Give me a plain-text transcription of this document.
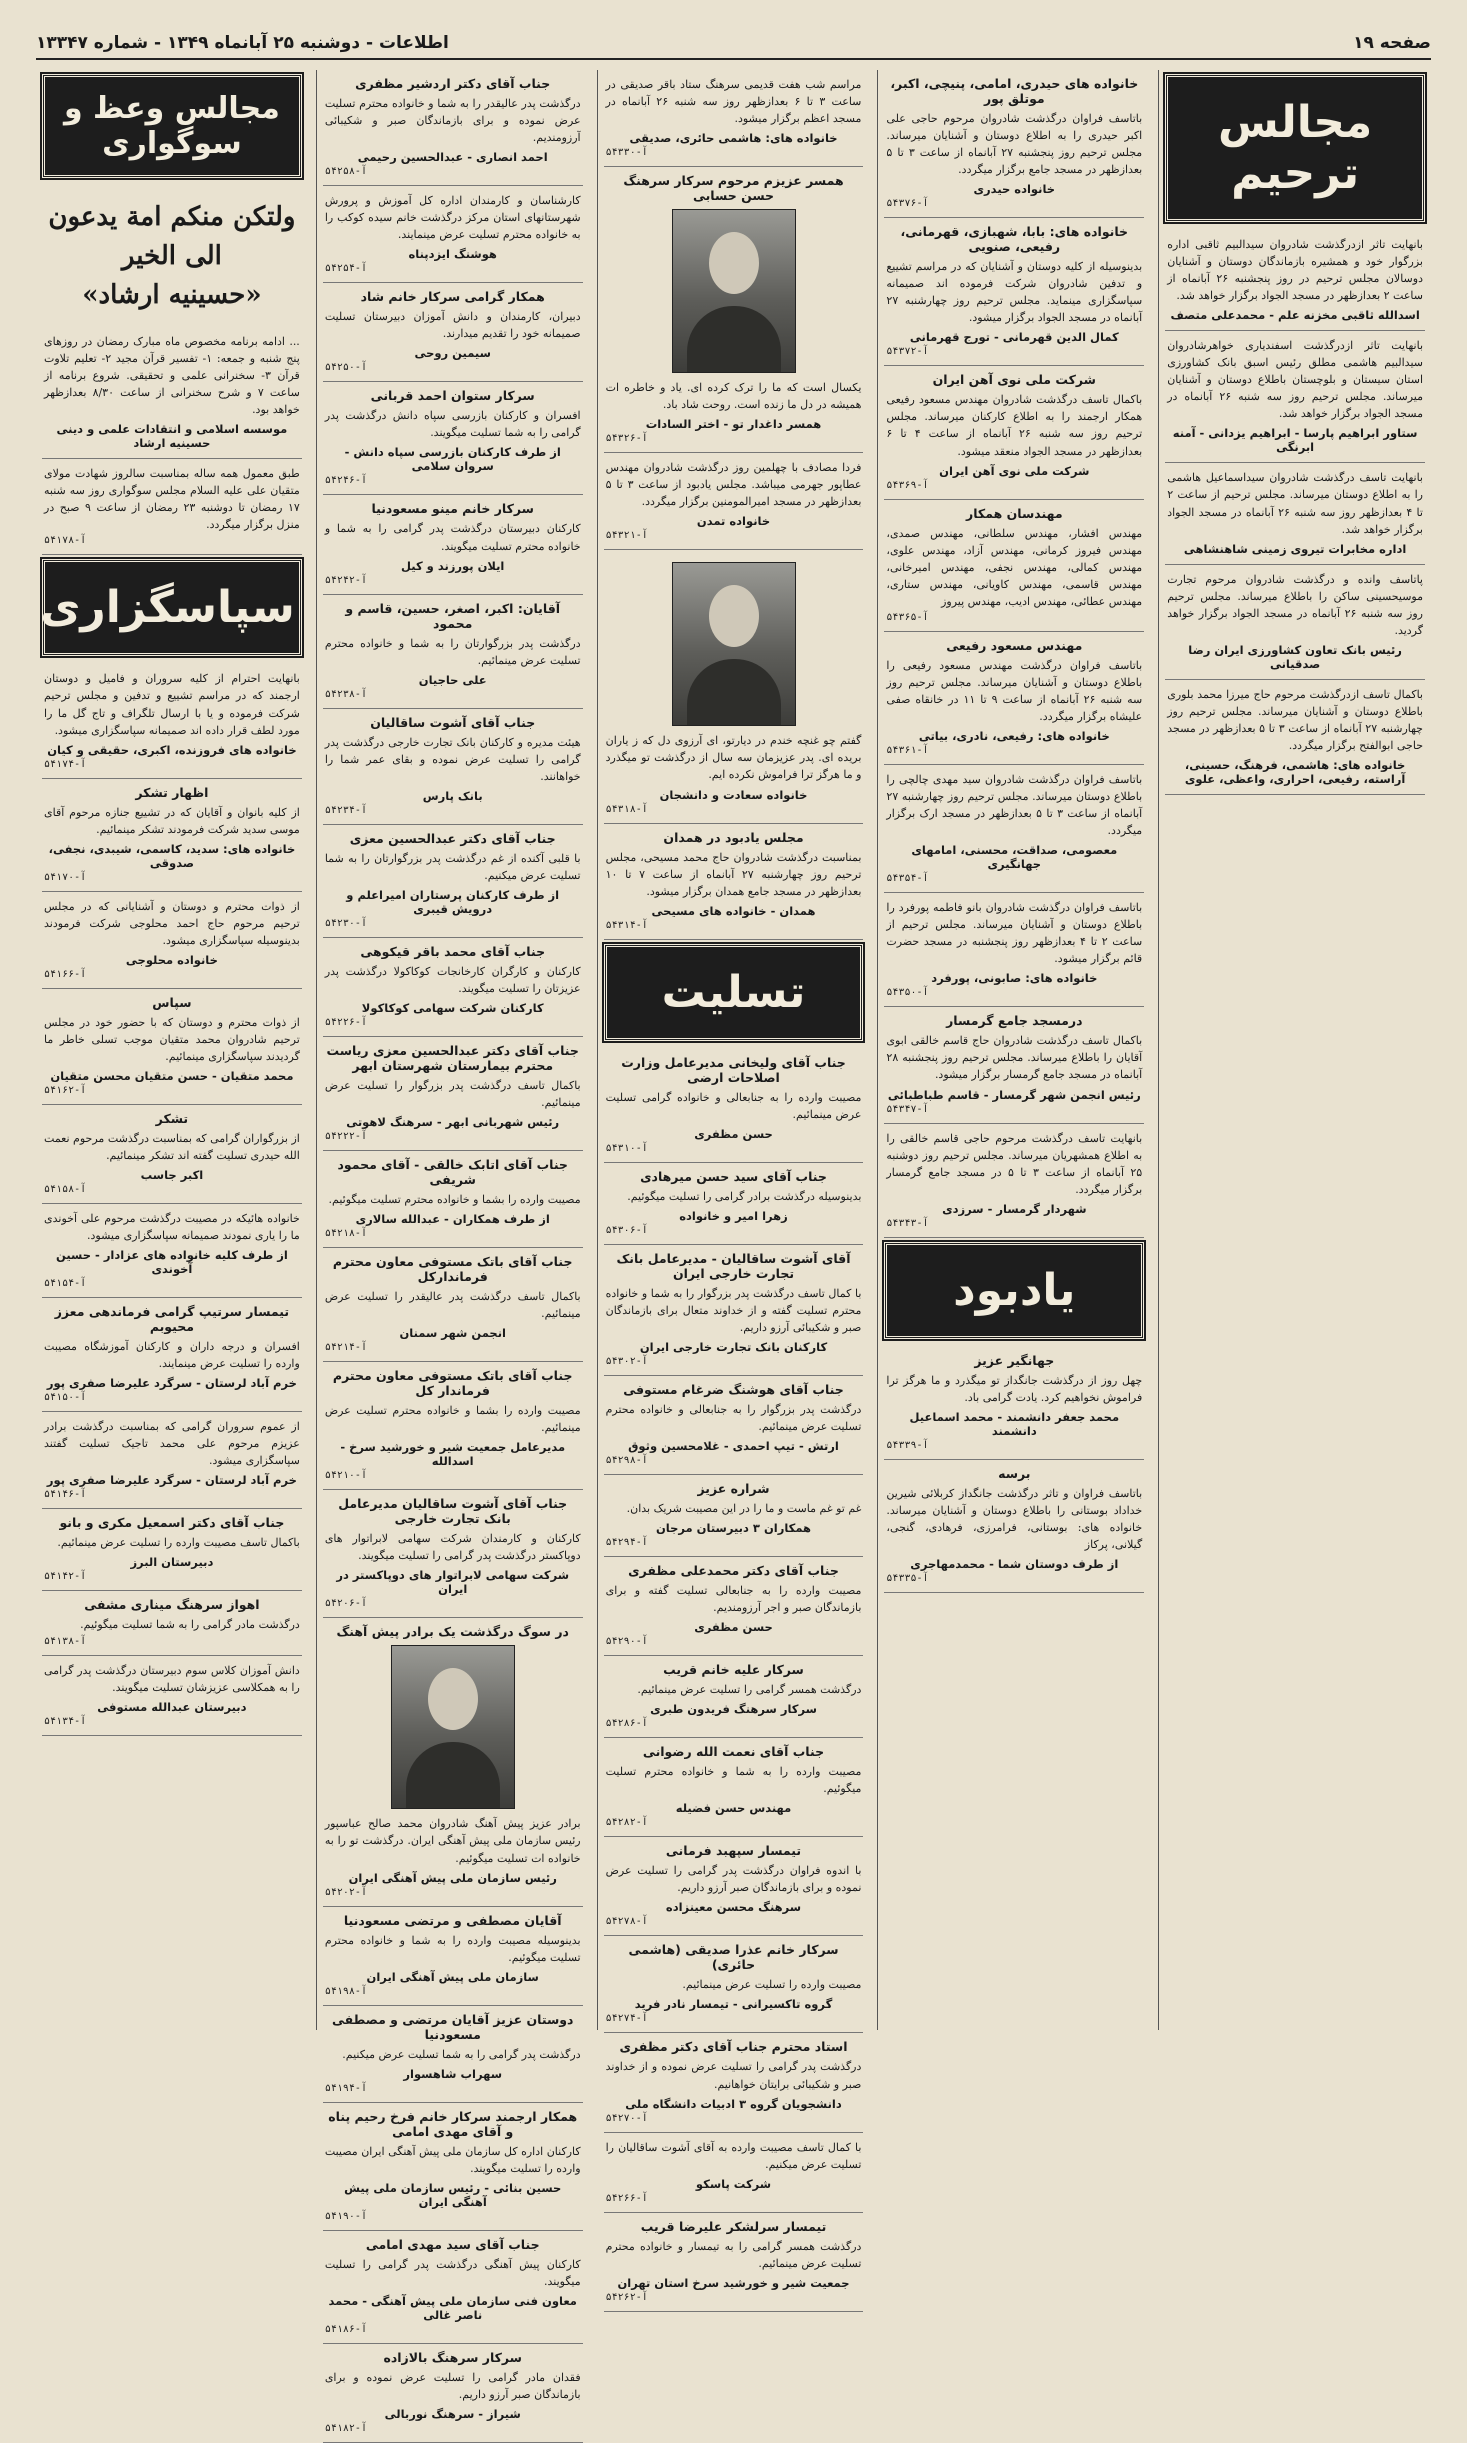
صفحه ۱۹
اطلاعات - دوشنبه ۲۵ آبانماه ۱۳۴۹ - شماره ۱۳۳۴۷
مجالس ترحیم

بانهایت تاثر ازدرگذشت شادروان سیدالبیم ثاقبی اداره بزرگوار خود و همشیره بازماندگان دوستان و آشنایان دوسالان مجلس ترحیم در روز پنجشنبه ۲۶ آبانماه از ساعت ۲ بعدازظهر در مسجد الجواد برگزار خواهد شد.

اسدالله ثاقبی مخزنه علم - محمدعلی متصف

بانهایت تاثر ازدرگذشت اسفندیاری خواهرشادروان سیدالبیم هاشمی مطلق رئیس اسبق بانک کشاورزی استان سیستان و بلوچستان باطلاع دوستان و آشنایان میرساند. مجلس ترحیم روز سه شنبه ۲۶ آبانماه در مسجد الجواد برگزار خواهد شد.

ستاور ابراهیم پارسا - ابراهیم یزدانی - آمنه ابرنگی

بانهایت تاسف درگذشت شادروان سیداسماعیل هاشمی را به اطلاع دوستان میرساند. مجلس ترحیم از ساعت ۲ تا ۴ بعدازظهر روز سه شنبه ۲۶ آبانماه در مسجد الجواد برگزار خواهد شد.

اداره مخابرات تیروی زمینی شاهنشاهی

پاتاسف وانده و درگذشت شادروان مرحوم تجارت موسیحسینی ساکن را باطلاع میرساند. مجلس ترحیم روز سه شنبه ۲۶ آبانماه در مسجد الجواد برگزار خواهد گردید.

رئیس بانک تعاون کشاورزی ایران رضا صدقیانی

باکمال تاسف ازدرگذشت مرحوم حاج میرزا محمد بلوری باطلاع دوستان و آشنایان میرساند. مجلس ترحیم روز چهارشنبه ۲۷ آبانماه از ساعت ۳ تا ۵ بعدازظهر در مسجد حاجی ابوالفتح برگزار میگردد.

خانواده های: هاشمی، فرهنگ، حسینی، آراسته، رفیعی، احراری، واعظی، علوی
خانواده های حیدری، امامی، پنیچی، اکبر، موتلق پور

باتاسف فراوان درگذشت شادروان مرحوم حاجی علی اکبر حیدری را به اطلاع دوستان و آشنایان میرساند. مجلس ترحیم روز پنجشنبه ۲۷ آبانماه از ساعت ۳ تا ۵ بعدازظهر در مسجد جامع برگزار میگردد.

خانواده حیدری
آ-۵۴۳۷۶
خانواده های: بابا، شهبازی، قهرمانی، رفیعی، صنویی

بدینوسیله از کلیه دوستان و آشنایان که در مراسم تشییع و تدفین شادروان شرکت فرموده اند صمیمانه سپاسگزاری مینماید. مجلس ترحیم روز چهارشنبه ۲۷ آبانماه در مسجد الجواد برگزار میشود.

کمال الدین قهرمانی - تورج قهرمانی
آ-۵۴۳۷۲
شرکت ملی نوی آهن ایران

باکمال تاسف درگذشت شادروان مهندس مسعود رفیعی همکار ارجمند را به اطلاع کارکنان میرساند. مجلس ترحیم روز سه شنبه ۲۶ آبانماه از ساعت ۴ تا ۶ بعدازظهر در مسجد الجواد منعقد میشود.

شرکت ملی نوی آهن ایران
آ-۵۴۳۶۹
مهندسان همکار

مهندس افشار، مهندس سلطانی، مهندس صمدی، مهندس فیروز کرمانی، مهندس آزاد، مهندس علوی، مهندس کمالی، مهندس نجفی، مهندس امیرخانی، مهندس قاسمی، مهندس کاویانی، مهندس ستاری، مهندس عطائی، مهندس ادیب، مهندس پیروز

آ-۵۴۳۶۵
مهندس مسعود رفیعی

باتاسف فراوان درگذشت مهندس مسعود رفیعی را باطلاع دوستان و آشنایان میرساند. مجلس ترحیم روز سه شنبه ۲۶ آبانماه از ساعت ۹ تا ۱۱ در خانقاه صفی علیشاه برگزار میگردد.

خانواده های: رفیعی، نادری، بیاتی
آ-۵۴۳۶۱

باتاسف فراوان درگذشت شادروان سید مهدی چالچی را باطلاع دوستان میرساند. مجلس ترحیم روز چهارشنبه ۲۷ آبانماه از ساعت ۳ تا ۵ بعدازظهر در مسجد ارک برگزار میگردد.

معصومی، صداقت، محسنی، امامهای جهانگیری
آ-۵۴۳۵۴

باتاسف فراوان درگذشت شادروان بانو فاطمه پورفرد را باطلاع دوستان و آشنایان میرساند. مجلس ترحیم از ساعت ۲ تا ۴ بعدازظهر روز پنجشنبه در مسجد حضرت قائم برگزار میشود.

خانواده های: صابونی، پورفرد
آ-۵۴۳۵۰
درمسجد جامع گرمسار

باکمال تاسف درگذشت شادروان حاج قاسم خالقی ابوی آقایان را باطلاع میرساند. مجلس ترحیم روز پنجشنبه ۲۸ آبانماه در مسجد جامع گرمسار برگزار میشود.

رئیس انجمن شهر گرمسار - قاسم طباطبائی
آ-۵۴۳۴۷

بانهایت تاسف درگذشت مرحوم حاجی قاسم خالقی را به اطلاع همشهریان میرساند. مجلس ترحیم روز دوشنبه ۲۵ آبانماه از ساعت ۳ تا ۵ در مسجد جامع گرمسار برگزار میگردد.

شهردار گرمسار - سرزدی
آ-۵۴۳۴۳
یادبود
جهانگیر عزیز

چهل روز از درگذشت جانگداز تو میگذرد و ما هرگز ترا فراموش نخواهیم کرد. یادت گرامی باد.

محمد جعفر دانشمند - محمد اسماعیل دانشمند
آ-۵۴۳۳۹
برسه

باتاسف فراوان و تاثر درگذشت جانگداز کربلائی شیرین خداداد بوستانی را باطلاع دوستان و آشنایان میرساند. خانواده های: بوستانی، فرامرزی، فرهادی، گنجی، گیلانی، پرکاز

از طرف دوستان شما - محمدمهاجری
آ-۵۴۳۳۵

مراسم شب هفت قدیمی سرهنگ ستاد باقر صدیقی در ساعت ۳ تا ۶ بعدازظهر روز سه شنبه ۲۶ آبانماه در مسجد اعظم برگزار میشود.

خانواده های: هاشمی حائری، صدیقی
آ-۵۴۳۳۰
همسر عزیزم مرحوم سرکار سرهنگ حسن حسابی

یکسال است که ما را ترک کرده ای. یاد و خاطره ات همیشه در دل ما زنده است. روحت شاد باد.

همسر داغدار تو - اختر السادات
آ-۵۴۳۲۶

فردا مصادف با چهلمین روز درگذشت شادروان مهندس عطاپور جهرمی میباشد. مجلس یادبود از ساعت ۳ تا ۵ بعدازظهر در مسجد امیرالمومنین برگزار میگردد.

خانواده تمدن
آ-۵۴۳۲۱

گفتم چو غنچه خندم در دیارتو، ای آرزوی دل که ز یاران بریده ای. پدر عزیزمان سه سال از درگذشت تو میگذرد و ما هرگز ترا فراموش نکرده ایم.

خانواده سعادت و دانشجان
آ-۵۴۳۱۸
مجلس یادبود در همدان

بمناسبت درگذشت شادروان حاج محمد مسیحی، مجلس ترحیم روز چهارشنبه ۲۷ آبانماه از ساعت ۷ تا ۱۰ بعدازظهر در مسجد جامع همدان برگزار میشود.

همدان - خانواده های مسیحی
آ-۵۴۳۱۴
تسلیت
جناب آقای ولیخانی مدیرعامل وزارت اصلاحات ارضی

مصیبت وارده را به جنابعالی و خانواده گرامی تسلیت عرض مینمائیم.

حسن مظفری
آ-۵۴۳۱۰
جناب آقای سید حسن میرهادی

بدینوسیله درگذشت برادر گرامی را تسلیت میگوئیم.

زهرا امیر و خانواده
آ-۵۴۳۰۶
آقای آشوت ساقالیان - مدیرعامل بانک تجارت خارجی ایران

با کمال تاسف درگذشت پدر بزرگوار را به شما و خانواده محترم تسلیت گفته و از خداوند متعال برای بازماندگان صبر و شکیبائی آرزو داریم.

کارکنان بانک تجارت خارجی ایران
آ-۵۴۳۰۲
جناب آقای هوشنگ ضرغام مستوفی

درگذشت پدر بزرگوار را به جنابعالی و خانواده محترم تسلیت عرض مینمائیم.

ارتش - تیپ احمدی - غلامحسین وثوق
آ-۵۴۲۹۸
شراره عزیز

غم تو غم ماست و ما را در این مصیبت شریک بدان.

همکاران ۳ دبیرستان مرجان
آ-۵۴۲۹۴
جناب آقای دکتر محمدعلی مظفری

مصیبت وارده را به جنابعالی تسلیت گفته و برای بازماندگان صبر و اجر آرزومندیم.

حسن مظفری
آ-۵۴۲۹۰
سرکار علیه خانم قریب

درگذشت همسر گرامی را تسلیت عرض مینمائیم.

سرکار سرهنگ فریدون طبری
آ-۵۴۲۸۶
جناب آقای نعمت الله رضوانی

مصیبت وارده را به شما و خانواده محترم تسلیت میگوئیم.

مهندس حسن فضیله
آ-۵۴۲۸۲
تیمسار سپهبد فرمانی

با اندوه فراوان درگذشت پدر گرامی را تسلیت عرض نموده و برای بازماندگان صبر آرزو داریم.

سرهنگ محسن معینزاده
آ-۵۴۲۷۸
سرکار خانم عذرا صدیقی (هاشمی حائری)

مصیبت وارده را تسلیت عرض مینمائیم.

گروه تاکسیرانی - تیمسار نادر فرید
آ-۵۴۲۷۴
استاد محترم جناب آقای دکتر مظفری

درگذشت پدر گرامی را تسلیت عرض نموده و از خداوند صبر و شکیبائی برایتان خواهانیم.

دانشجویان گروه ۳ ادبیات دانشگاه ملی
آ-۵۴۲۷۰

با کمال تاسف مصیبت وارده به آقای آشوت ساقالیان را تسلیت عرض میکنیم.

شرکت پاسکو
آ-۵۴۲۶۶
تیمسار سرلشکر علیرضا قریب

درگذشت همسر گرامی را به تیمسار و خانواده محترم تسلیت عرض مینمائیم.

جمعیت شیر و خورشید سرخ استان تهران
آ-۵۴۲۶۲
جناب آقای دکتر اردشیر مظفری

درگذشت پدر عالیقدر را به شما و خانواده محترم تسلیت عرض نموده و برای بازماندگان صبر و شکیبائی آرزومندیم.

احمد انصاری - عبدالحسین رحیمی
آ-۵۴۲۵۸

کارشناسان و کارمندان اداره کل آموزش و پرورش شهرستانهای استان مرکز درگذشت خانم سیده کوکب را به خانواده محترم تسلیت عرض مینمایند.

هوشنگ ایزدپناه
آ-۵۴۲۵۴
همکار گرامی سرکار خانم شاد

دبیران، کارمندان و دانش آموزان دبیرستان تسلیت صمیمانه خود را تقدیم میدارند.

سیمین روحی
آ-۵۴۲۵۰
سرکار ستوان احمد قربانی

افسران و کارکنان بازرسی سپاه دانش درگذشت پدر گرامی را به شما تسلیت میگویند.

از طرف کارکنان بازرسی سپاه دانش - سروان سلامی
آ-۵۴۲۴۶
سرکار خانم مینو مسعودنیا

کارکنان دبیرستان درگذشت پدر گرامی را به شما و خانواده محترم تسلیت میگویند.

ایلان پورزند و کیل
آ-۵۴۲۴۲
آقایان: اکبر، اصغر، حسین، قاسم و محمود

درگذشت پدر بزرگوارتان را به شما و خانواده محترم تسلیت عرض مینمائیم.

علی حاجیان
آ-۵۴۲۳۸
جناب آقای آشوت ساقالیان

هیئت مدیره و کارکنان بانک تجارت خارجی درگذشت پدر گرامی را تسلیت عرض نموده و بقای عمر شما را خواهانند.

بانک پارس
آ-۵۴۲۳۴
جناب آقای دکتر عبدالحسین معزی

با قلبی آکنده از غم درگذشت پدر بزرگوارتان را به شما تسلیت عرض میکنیم.

از طرف کارکنان پرستاران امیراعلم و درویش قیبری
آ-۵۴۲۳۰
جناب آقای محمد باقر قیکوهی

کارکنان و کارگران کارخانجات کوکاکولا درگذشت پدر عزیزتان را تسلیت میگویند.

کارکنان شرکت سهامی کوکاکولا
آ-۵۴۲۲۶
جناب آقای دکتر عبدالحسین معزی ریاست محترم بیمارستان شهرستان ابهر

باکمال تاسف درگذشت پدر بزرگوار را تسلیت عرض مینمائیم.

رئیس شهربانی ابهر - سرهنگ لاهوتی
آ-۵۴۲۲۲
جناب آقای اتابک خالقی - آقای محمود شریفی

مصیبت وارده را بشما و خانواده محترم تسلیت میگوئیم.

از طرف همکاران - عبدالله سالاری
آ-۵۴۲۱۸
جناب آقای باتک مستوفی معاون محترم فرماندارکل

باکمال تاسف درگذشت پدر عالیقدر را تسلیت عرض مینمائیم.

انجمن شهر سمنان
آ-۵۴۲۱۴
جناب آقای باتک مستوفی معاون محترم فرماندار کل

مصیبت وارده را بشما و خانواده محترم تسلیت عرض مینمائیم.

مدیرعامل جمعیت شیر و خورشید سرخ - اسدالله
آ-۵۴۲۱۰
جناب آقای آشوت ساقالیان مدیرعامل بانک تجارت خارجی

کارکنان و کارمندان شرکت سهامی لابراتوار های دوپاکستر درگذشت پدر گرامی را تسلیت میگویند.

شرکت سهامی لابراتوار های دوپاکستر در ایران
آ-۵۴۲۰۶
در سوگ درگذشت یک برادر پیش آهنگ

برادر عزیز پیش آهنگ شادروان محمد صالح عباسپور رئیس سازمان ملی پیش آهنگی ایران. درگذشت تو را به خانواده ات تسلیت میگوئیم.

رئیس سازمان ملی پیش آهنگی ایران
آ-۵۴۲۰۲
آقایان مصطفی و مرتضی مسعودنیا

بدینوسیله مصیبت وارده را به شما و خانواده محترم تسلیت میگوئیم.

سازمان ملی پیش آهنگی ایران
آ-۵۴۱۹۸
دوستان عزیز آقایان مرتضی و مصطفی مسعودنیا

درگذشت پدر گرامی را به شما تسلیت عرض میکنیم.

سهراب شاهسوار
آ-۵۴۱۹۴
همکار ارجمند سرکار خانم فرخ رحیم پناه و آقای مهدی امامی

کارکنان اداره کل سازمان ملی پیش آهنگی ایران مصیبت وارده را تسلیت میگویند.

حسین بنائی - رئیس سازمان ملی پیش آهنگی ایران
آ-۵۴۱۹۰
جناب آقای سید مهدی امامی

کارکنان پیش آهنگی درگذشت پدر گرامی را تسلیت میگویند.

معاون فنی سازمان ملی پیش آهنگی - محمد ناصر غالی
آ-۵۴۱۸۶
سرکار سرهنگ بالازاده

فقدان مادر گرامی را تسلیت عرض نموده و برای بازماندگان صبر آرزو داریم.

شیراز - سرهنگ نوربالی
آ-۵۴۱۸۲
مجالس وعظ و سوگواری
ولتکن منکم امة یدعون الی الخیر
«حسینیه ارشاد»

... ادامه برنامه مخصوص ماه مبارک رمضان در روزهای پنج شنبه و جمعه: ۱- تفسیر قرآن مجید ۲- تعلیم تلاوت قرآن ۳- سخنرانی علمی و تحقیقی. شروع برنامه از ساعت ۷ و شرح سخنرانی از ساعت ۸/۳۰ بعدازظهر خواهد بود.

موسسه اسلامی و انتقادات علمی و دینی حسینیه ارشاد

طبق معمول همه ساله بمناسبت سالروز شهادت مولای متقیان علی علیه السلام مجلس سوگواری روز سه شنبه ۱۷ رمضان تا دوشنبه ۲۳ رمضان از ساعت ۹ صبح در منزل برگزار میگردد.

آ-۵۴۱۷۸
سپاسگزاری

بانهایت احترام از کلیه سروران و فامیل و دوستان ارجمند که در مراسم تشییع و تدفین و مجلس ترحیم شرکت فرموده و یا با ارسال تلگراف و تاج گل ما را مورد لطف قرار داده اند صمیمانه سپاسگزاری میشود.

خانواده های فروزنده، اکبری، حقیقی و کیان
آ-۵۴۱۷۴
اظهار تشکر

از کلیه بانوان و آقایان که در تشییع جنازه مرحوم آقای موسی سدید شرکت فرمودند تشکر مینمائیم.

خانواده های: سدید، کاسمی، شیبدی، نجفی، صدوقی
آ-۵۴۱۷۰

از ذوات محترم و دوستان و آشنایانی که در مجلس ترحیم مرحوم حاج احمد محلوجی شرکت فرمودند بدینوسیله سپاسگزاری میشود.

خانواده محلوجی
آ-۵۴۱۶۶
سپاس

از ذوات محترم و دوستان که با حضور خود در مجلس ترحیم شادروان محمد متقیان موجب تسلی خاطر ما گردیدند سپاسگزاری مینمائیم.

محمد متقیان - حسن متقیان محسن متقیان
آ-۵۴۱۶۲
تشکر

از بزرگواران گرامی که بمناسبت درگذشت مرحوم نعمت الله حیدری تسلیت گفته اند تشکر مینمائیم.

اکبر جاسب
آ-۵۴۱۵۸

خانواده هائیکه در مصیبت درگذشت مرحوم علی آخوندی ما را یاری نمودند صمیمانه سپاسگزاری میشود.

از طرف کلیه خانواده های عزادار - حسین آخوندی
آ-۵۴۱۵۴
تیمسار سرتیپ گرامی فرماندهی معزز محیوبم

افسران و درجه داران و کارکنان آموزشگاه مصیبت وارده را تسلیت عرض مینمایند.

خرم آباد لرستان - سرگرد علیرضا صفری پور
آ-۵۴۱۵۰

از عموم سروران گرامی که بمناسبت درگذشت برادر عزیزم مرحوم علی محمد تاجیک تسلیت گفتند سپاسگزاری میشود.

خرم آباد لرستان - سرگرد علیرضا صفری پور
آ-۵۴۱۴۶
جناب آقای دکتر اسمعیل مکری و بانو

باکمال تاسف مصیبت وارده را تسلیت عرض مینمائیم.

دبیرستان البرز
آ-۵۴۱۴۲
اهواز سرهنگ میناری مشفی

درگذشت مادر گرامی را به شما تسلیت میگوئیم.

آ-۵۴۱۳۸

دانش آموزان کلاس سوم دبیرستان درگذشت پدر گرامی را به همکلاسی عزیزشان تسلیت میگویند.

دبیرستان عبدالله مستوفی
آ-۵۴۱۳۴
